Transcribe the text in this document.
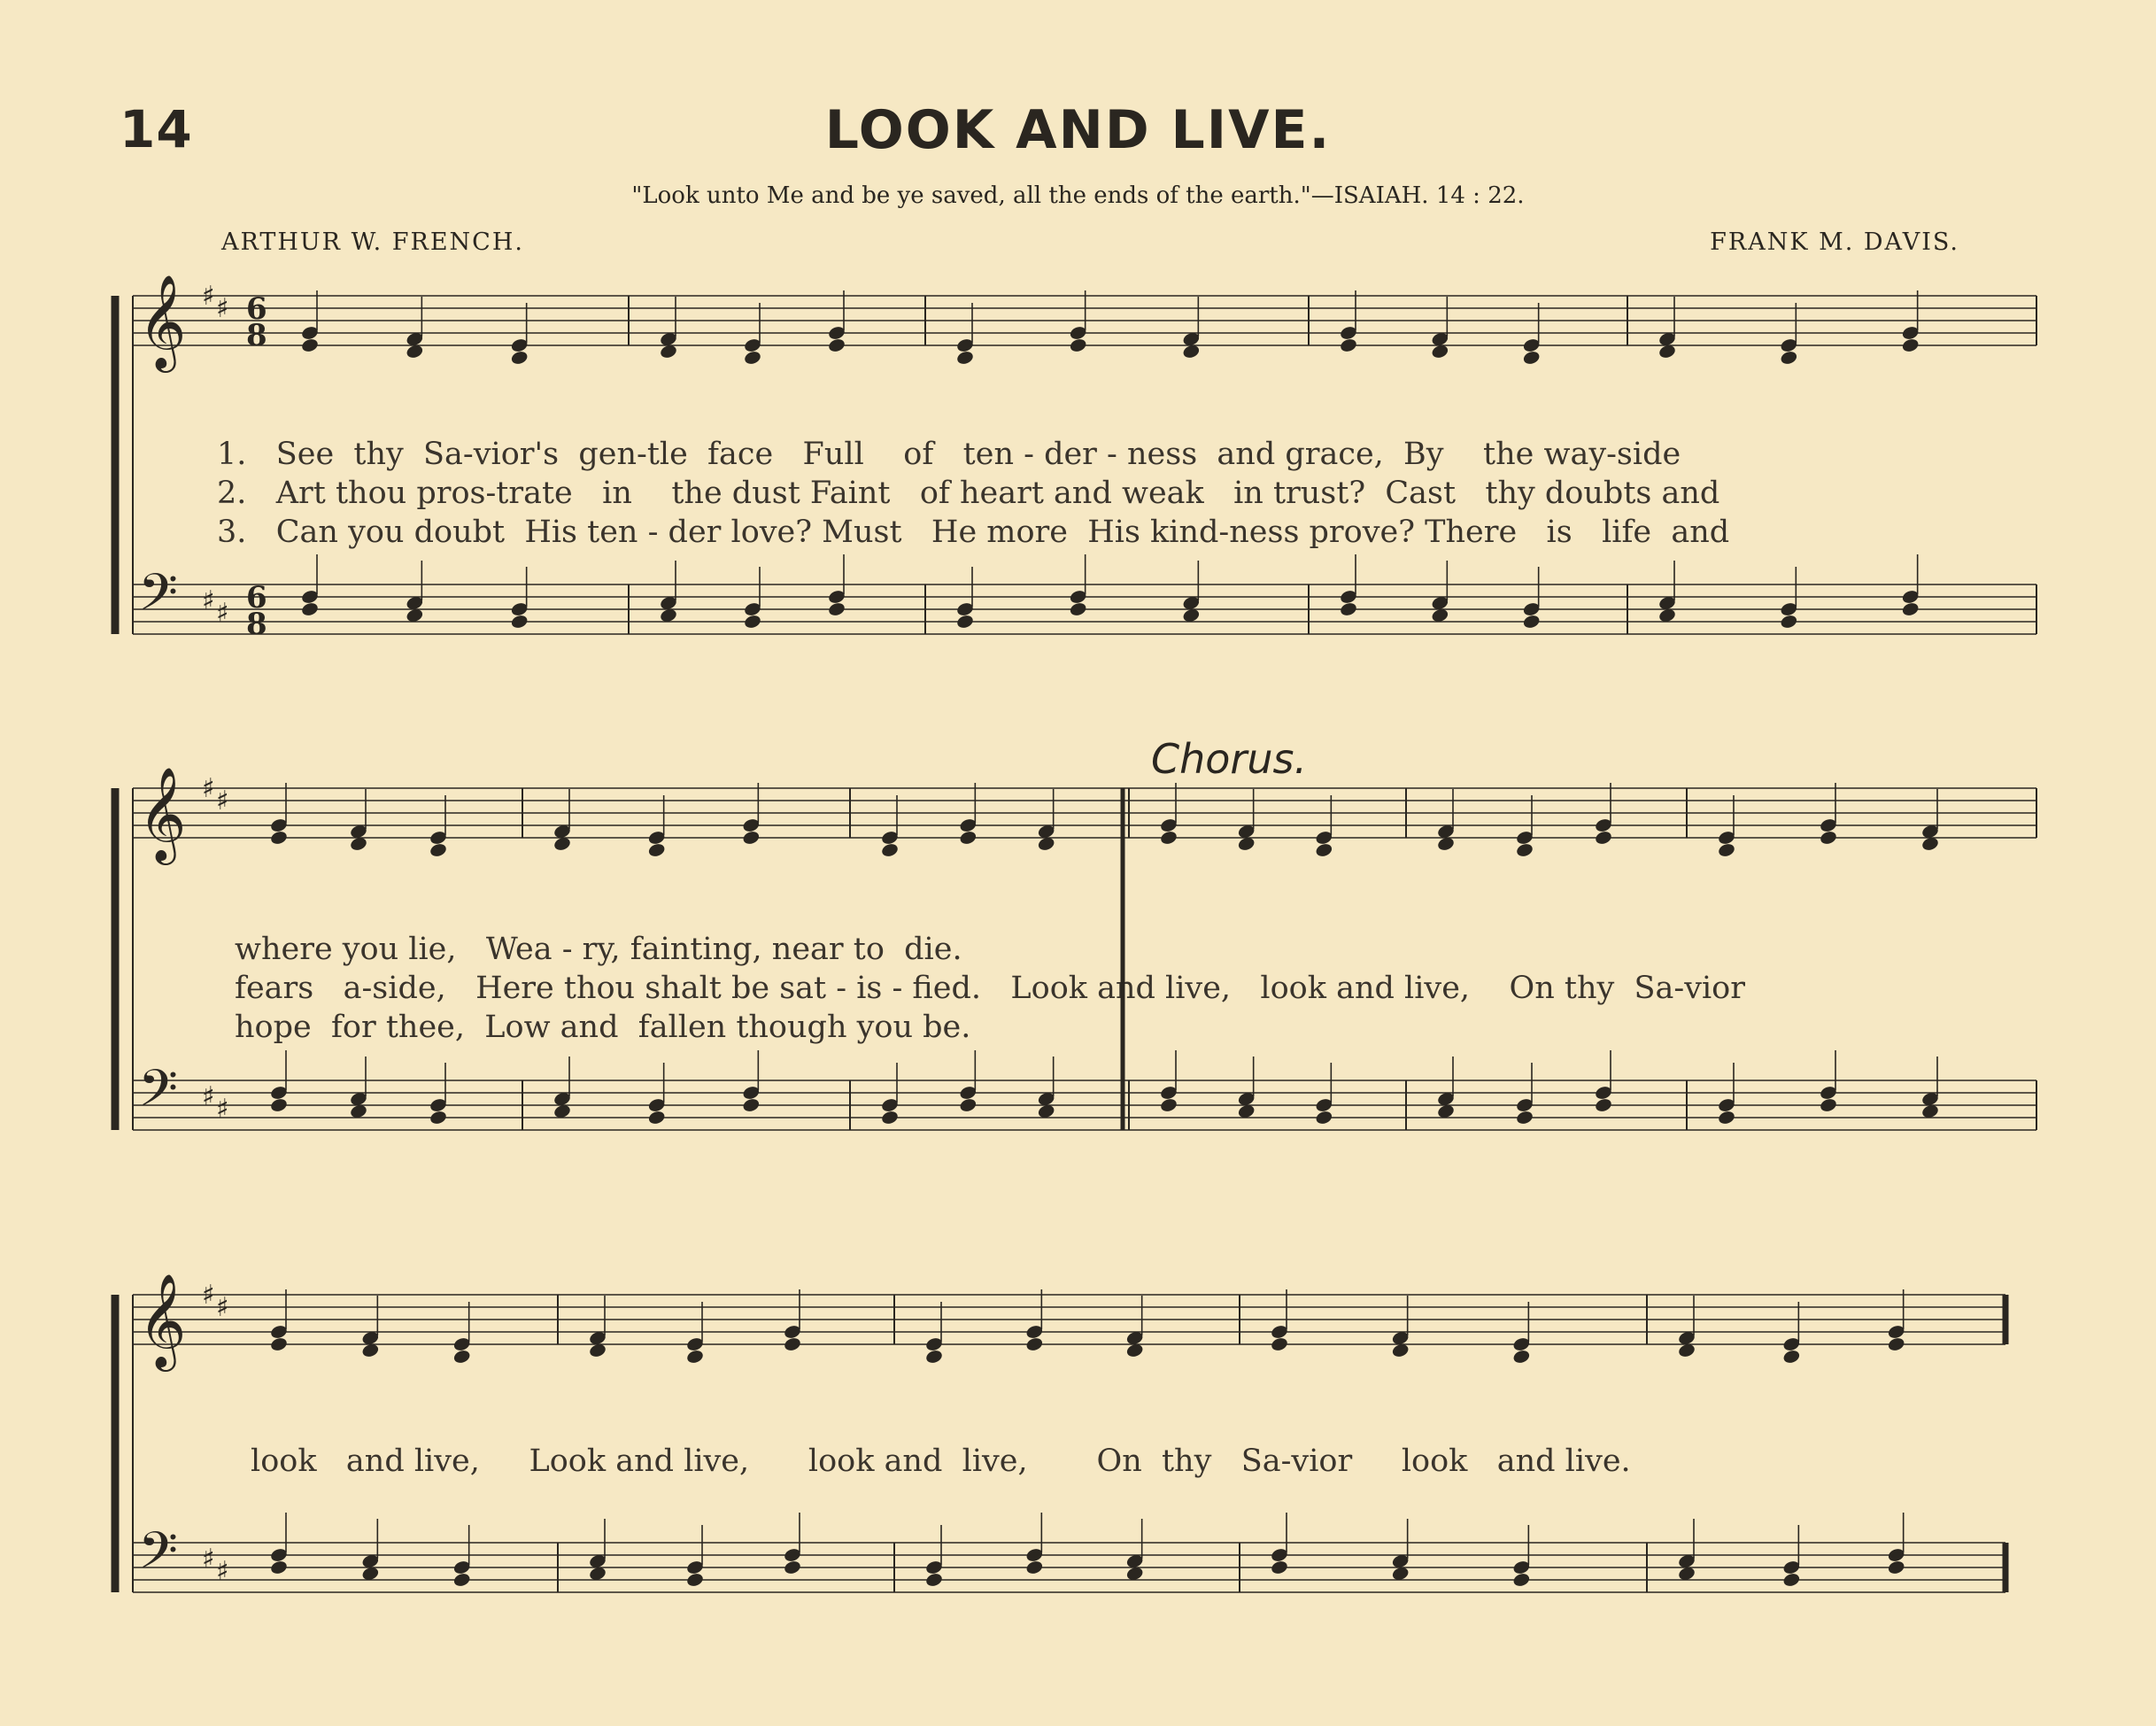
14	LOOK AND LIVE.
"Look unto Me and be ye saved, all the ends of the earth."—ISAIAH. 14 : 22.
ARTHUR W. FRENCH.	FRANK M. DAVIS.
Chorus.
1.   See  thy  Sa-vior's  gen-tle  face   Full    of   ten - der - ness  and grace,  By    the way-side
2.   Art thou pros-trate   in    the dust Faint   of heart and weak   in trust?  Cast   thy doubts and
3.   Can you doubt  His ten - der love? Must   He more  His kind-ness prove? There   is   life  and
where you lie,   Wea - ry, fainting, near to  die.
fears   a-side,   Here thou shalt be sat - is - fied.   Look and live,   look and live,    On thy  Sa-vior
hope  for thee,  Low and  fallen though you be.
look   and live,     Look and live,      look and  live,       On  thy   Sa-vior     look   and live.
𝄞 ♯ ♯ 6
8
𝄢 ♯ ♯ 6
8
𝄞 ♯ ♯
𝄢 ♯ ♯
𝄞 ♯ ♯
𝄢 ♯ ♯
